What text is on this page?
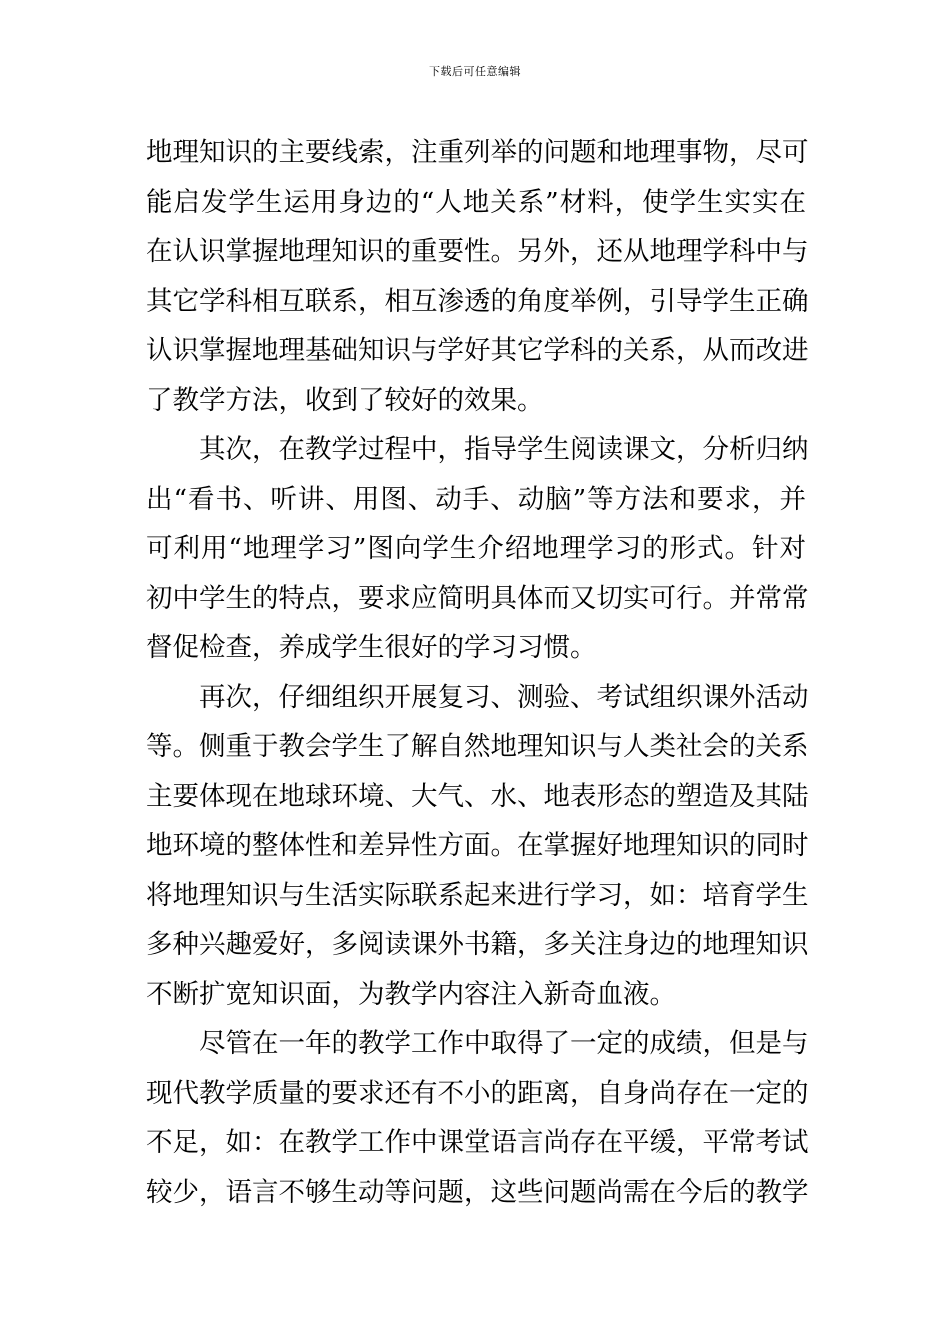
下载后可任意编辑
地理知识的主要线索，注重列举的问题和地理事物，尽可
能启发学生运用身边的“人地关系”材料，使学生实实在
在认识掌握地理知识的重要性。另外，还从地理学科中与
其它学科相互联系，相互渗透的角度举例，引导学生正确
认识掌握地理基础知识与学好其它学科的关系，从而改进
了教学方法，收到了较好的效果。
其次，在教学过程中，指导学生阅读课文，分析归纳
出“看书、听讲、用图、动手、动脑”等方法和要求，并
可利用“地理学习”图向学生介绍地理学习的形式。针对
初中学生的特点，要求应简明具体而又切实可行。并常常
督促检查，养成学生很好的学习习惯。
再次，仔细组织开展复习、测验、考试组织课外活动
等。侧重于教会学生了解自然地理知识与人类社会的关系
主要体现在地球环境、大气、水、地表形态的塑造及其陆
地环境的整体性和差异性方面。在掌握好地理知识的同时
将地理知识与生活实际联系起来进行学习，如：培育学生
多种兴趣爱好，多阅读课外书籍，多关注身边的地理知识
不断扩宽知识面，为教学内容注入新奇血液。
尽管在一年的教学工作中取得了一定的成绩，但是与
现代教学质量的要求还有不小的距离，自身尚存在一定的
不足，如：在教学工作中课堂语言尚存在平缓，平常考试
较少，语言不够生动等问题，这些问题尚需在今后的教学
